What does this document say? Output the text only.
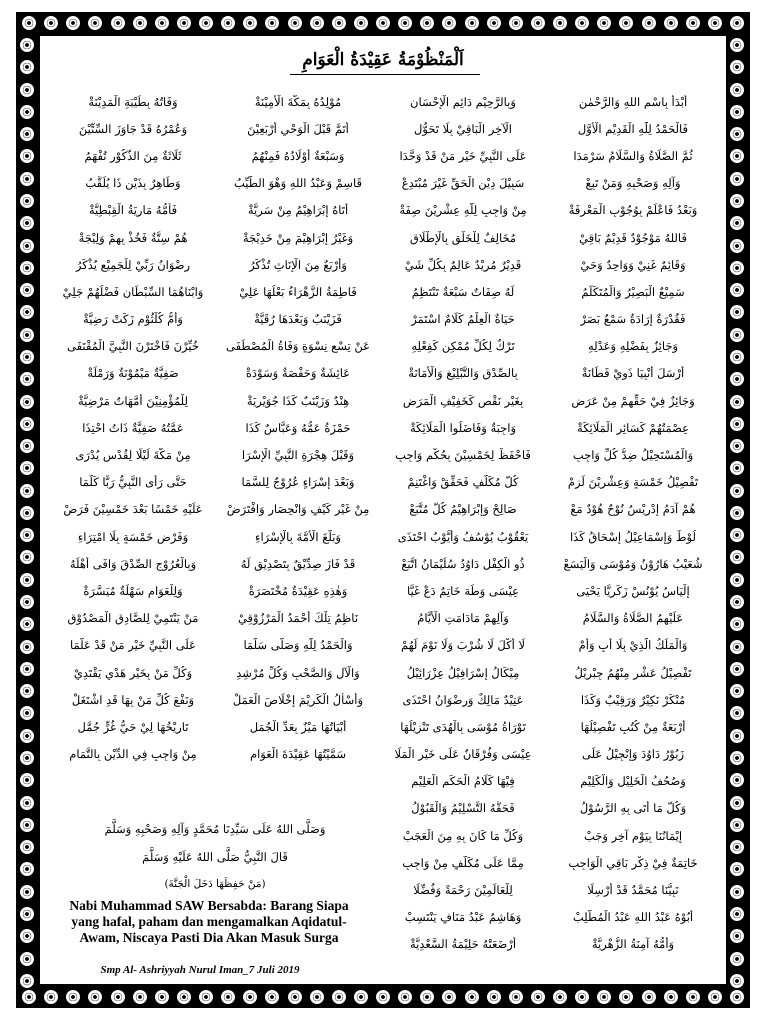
اَلْمَنْظُوْمَةُ عَقِيْدَةُ الْعَوَامِ
أَبْدَأُ بِاسْمِ اللهِ وَالرَّحْمٰنِ
وَبِالرَّحِيْمِ دَائِمِ الْإِحْسَانِ
مُوْلِدُهُ بِمَكَّةَ الْأَمِيْنَةْ
وَفَاتُهُ بِطَيْبَةِ الْمَدِيْنَةْ
فَالْحَمْدُ لِلّٰهِ الْقَدِيْمِ الْأَوَّلِ
الْآخِرِ الْبَاقِيْ بِلَا تَحَوُّلِ
أَتَمَّ قَبْلَ الْوَحْيِ أَرْبَعِيْنَ
وَعُمْرُهُ قَدْ جَاوَزَ السِّتِّيْنَ
ثُمَّ الصَّلَاةُ وَالسَّلَامُ سَرْمَدَا
عَلَى النَّبِيِّ خَيْرِ مَنْ قَدْ وَحَّدَا
وَسَبْعَةٌ أَوْلَادُهُ فَمِنْهُمُ
ثَلَاثَةٌ مِنَ الذُّكُوْرِ تُفْهَمُ
وَآلِهِ وَصَحْبِهِ وَمَنْ تَبِعْ
سَبِيْلَ دِيْنِ الْحَقِّ غَيْرَ مُبْتَدِعْ
قَاسِمْ وَعَبْدُ اللهِ وَهْوَ الطَّيِّبُ
وَطَاهِرٌ بِذَيْنِ ذَا يُلَقَّبُ
وَبَعْدُ فَاعْلَمْ بِوُجُوْبِ الْمَعْرِفَةْ
مِنْ وَاجِبٍ لِلّٰهِ عِشْرِيْنَ صِفَةْ
أَتَاهُ إِبْرَاهِيْمُ مِنْ سَرِيَّةْ
فَأُمُّهُ مَارِيَةُ الْقِبْطِيَّةْ
فَاللهُ مَوْجُوْدٌ قَدِيْمٌ بَاقِيْ
مُخَالِفٌ لِلْخَلْقِ بِالْإِطْلَاقِ
وَغَيْرُ إِبْرَاهِيْمَ مِنْ خَدِيْجَةْ
هُمْ سِتَّةٌ فَخُذْ بِهِمْ وَلِيْجَةْ
وَقَائِمٌ غَنِيْ وَوَاحِدٌ وَحَيْ
قَدِيْرٌ مُرِيْدٌ عَالِمٌ بِكُلِّ شَيْ
وَأَرْبَعٌ مِنَ الْإِنَاثِ تُذْكَرُ
رِضْوَانُ رَبِّيْ لِلْجَمِيْعِ يُذْكَرُ
سَمِيْعٌ الْبَصِيْرُ وَالْمُتَكَلِّمُ
لَهُ صِفَاتٌ سَبْعَةٌ تَنْتَظِمُ
فَاطِمَةُ الزَّهْرَاءُ بَعْلُهَا عَلِيْ
وَابْنَاهُمَا السِّبْطَانِ فَضْلُهُمْ جَلِيْ
فَقُدْرَةٌ إِرَادَةٌ سَمْعٌ بَصَرْ
حَيَاةٌ الْعِلْمُ كَلَامٌ اسْتَمَرْ
فَزَيْنَبٌ وَبَعْدَهَا رُقَيَّةْ
وَأُمُّ كُلْثُوْمٍ زَكَتْ رَضِيَّةْ
وَجَائِزٌ بِفَضْلِهِ وَعَدْلِهِ
تَرْكٌ لِكُلِّ مُمْكِنٍ كَفِعْلِهِ
عَنْ تِسْعِ نِسْوَةٍ وَفَاةُ الْمُصْطَفَى
خُيِّرْنَ فَاخْتَرْنَ النَّبِيَّ الْمُقْتَفَى
أَرْسَلَ أَنْبِيَا ذَوِيْ فَطَانَةْ
بِالصِّدْقِ وَالتَّبْلِيْغِ وَالْأَمَانَةْ
عَائِشَةٌ وَحَفْصَةٌ وَسَوْدَةْ
صَفِيَّةٌ مَيْمُوْنَةٌ وَرَمْلَةْ
وَجَائِزٌ فِيْ حَقِّهِمْ مِنْ عَرَضِ
بِغَيْرِ نَقْصٍ كَخَفِيْفِ الْمَرَضِ
هِنْدٌ وَزَيْنَبٌ كَذَا جُوَيْرِيَةْ
لِلْمُؤْمِنِيْنَ أُمَّهَاتٌ مَرْضِيَّةْ
عِصْمَتُهُمْ كَسَائِرِ الْمَلَائِكَةْ
وَاجِبَةٌ وَفَاضَلُوا الْمَلَائِكَةْ
حَمْزَةُ عَمُّهُ وَعَبَّاسٌ كَذَا
عَمَّتُهُ صَفِيَّةٌ ذَاتُ احْتِذَا
وَالْمُسْتَحِيْلُ ضِدُّ كُلِّ وَاجِبِ
فَاحْفَظْ لِخَمْسِيْنَ بِحُكْمٍ وَاجِبِ
وَقَبْلَ هِجْرَةِ النَّبِيِّ الْإِسْرَا
مِنْ مَكَّةَ لَيْلًا لِقُدْسٍ يُدْرَى
تَفْصِيْلُ خَمْسَةٍ وَعِشْرِيْنَ لَزِمْ
كُلَّ مُكَلَّفٍ فَحَقِّقْ وَاغْتَنِمْ
وَبَعْدَ إِسْرَاءٍ عُرُوْجٌ لِلسَّمَا
حَتَّى رَأَى النَّبِيُّ رَبًّا كَلَّمَا
هُمْ آدَمُ إِدْرِيْسُ نُوْحٌ هُوْدٌ مَعْ
صَالِحْ وَإِبْرَاهِيْمُ كُلٌّ مُتَّبَعْ
مِنْ غَيْرِ كَيْفٍ وَانْحِصَارٍ وَافْتَرَضْ
عَلَيْهِ خَمْسًا بَعْدَ خَمْسِيْنَ فَرَضْ
لُوْطٌ وَإِسْمَاعِيْلُ إِسْحَاقُ كَذَا
يَعْقُوْبُ يُوْسُفُ وَأَيُّوْبُ احْتَذَى
وَبَلَّغَ الْأُمَّةَ بِالْإِسْرَاءِ
وَفَرْضِ خَمْسَةٍ بِلَا امْتِرَاءِ
شُعَيْبُ هَارُوْنُ وَمُوْسَى وَالْيَسَعْ
ذُو الْكِفْلِ دَاوُدُ سُلَيْمَانُ اتَّبَعْ
قَدْ فَازَ صِدِّيْقٌ بِتَصْدِيْقٍ لَهُ
وَبِالْعُرُوْجِ الصِّدْقَ وَافَى أَهْلَهُ
إِلْيَاسُ يُوْنُسْ زَكَرِيَّا يَحْيَى
عِيْسَى وَطَهَ خَاتِمٌ دَعْ غَيَّا
وَهٰذِهِ عَقِيْدَةٌ مُخْتَصَرَةْ
وَلِلْعَوَامِ سَهْلَةٌ مُيَسَّرَةْ
عَلَيْهِمُ الصَّلَاةُ وَالسَّلَامُ
وَآلِهِمْ مَادَامَتِ الْأَيَّامُ
نَاظِمُ تِلْكَ أَحْمَدُ الْمَرْزُوْقِيْ
مَنْ يَنْتَمِيْ لِلصَّادِقِ الْمَصْدُوْقِ
وَالْمَلَكُ الَّذِيْ بِلَا أَبٍ وَأُمْ
لَا أَكْلَ لَا شُرْبَ وَلَا نَوْمَ لَهُمْ
وَالْحَمْدُ لِلّٰهِ وَصَلَّى سَلَّمَا
عَلَى النَّبِيِّ خَيْرِ مَنْ قَدْ عَلَّمَا
تَفْصِيْلُ عَشْرٍ مِنْهُمُ جِبْرِيْلُ
مِيْكَالُ إِسْرَافِيْلُ عِزْرَائِيْلُ
وَالْآلِ وَالصَّحْبِ وَكُلِّ مُرْشِدِ
وَكُلِّ مَنْ بِخَيْرِ هَدْيٍ يَقْتَدِيْ
مُنْكَرْ نَكِيْرٌ وَرَقِيْبٌ وَكَذَا
عَتِيْدٌ مَالِكٌ وَرِضْوَانُ احْتَذَى
وَأَسْأَلُ الْكَرِيْمَ إِخْلَاصَ الْعَمَلْ
وَنَفْعَ كُلِّ مَنْ بِهَا قَدِ اشْتَغَلْ
أَرْبَعَةٌ مِنْ كُتُبٍ تَفْصِيْلُهَا
تَوْرَاةُ مُوْسَى بِالْهُدَى تَنْزِيْلُهَا
أَبْيَاتُهَا مَيْزٌ بِعَدِّ الْجُمَلِ
تَارِيْخُهَا لِيْ حَيُّ غُرٍّ جُمَّلِ
زَبُوْرُ دَاوُدَ وَإِنْجِيْلُ عَلَى
عِيْسَى وَفُرْقَانٌ عَلَى خَيْرِ الْمَلَا
سَمَّيْتُهَا عَقِيْدَةَ الْعَوَامِ
مِنْ وَاجِبٍ فِي الدِّيْنِ بِالتَّمَامِ
وَصُحُفُ الْخَلِيْلِ وَالْكَلِيْمِ
فِيْهَا كَلَامُ الْحَكَمِ الْعَلِيْمِ
وَكُلُّ مَا أَتَى بِهِ الرَّسُوْلُ
فَحَقُّهُ التَّسْلِيْمُ وَالْقَبُوْلُ
إِيْمَانُنَا بِيَوْمِ آخِرٍ وَجَبْ
وَكُلِّ مَا كَانَ بِهِ مِنَ الْعَجَبْ
خَاتِمَةٌ فِيْ ذِكْرِ بَاقِي الْوَاجِبِ
مِمَّا عَلَى مُكَلَّفٍ مِنْ وَاجِبِ
نَبِيُّنَا مُحَمَّدٌ قَدْ أُرْسِلَا
لِلْعَالَمِيْنَ رَحْمَةً وَفُضِّلَا
أَبُوْهُ عَبْدُ اللهِ عَبْدُ الْمُطَّلِبْ
وَهَاشِمٌ عَبْدُ مَنَافٍ يَنْتَسِبْ
وَأُمُّهُ آمِنَةُ الزُّهْرِيَّةْ
أَرْضَعَتْهُ حَلِيْمَةُ السَّعْدِيَّةْ
وَصَلَّى اللهُ عَلَى سَيِّدِنَا مُحَمَّدٍ وَآلِهِ وَصَحْبِهِ وَسَلَّمَ
قَالَ النَّبِيُّ صَلَّى اللهُ عَلَيْهِ وَسَلَّمَ
(مَنْ حَفِظَهَا دَخَلَ الْجَنَّةَ)
Nabi Muhammad SAW Bersabda: Barang Siapa
yang hafal, paham dan mengamalkan Aqidatul-
Awam, Niscaya Pasti Dia Akan Masuk Surga
Smp Al- Ashriyyah Nurul Iman_7 Juli 2019
